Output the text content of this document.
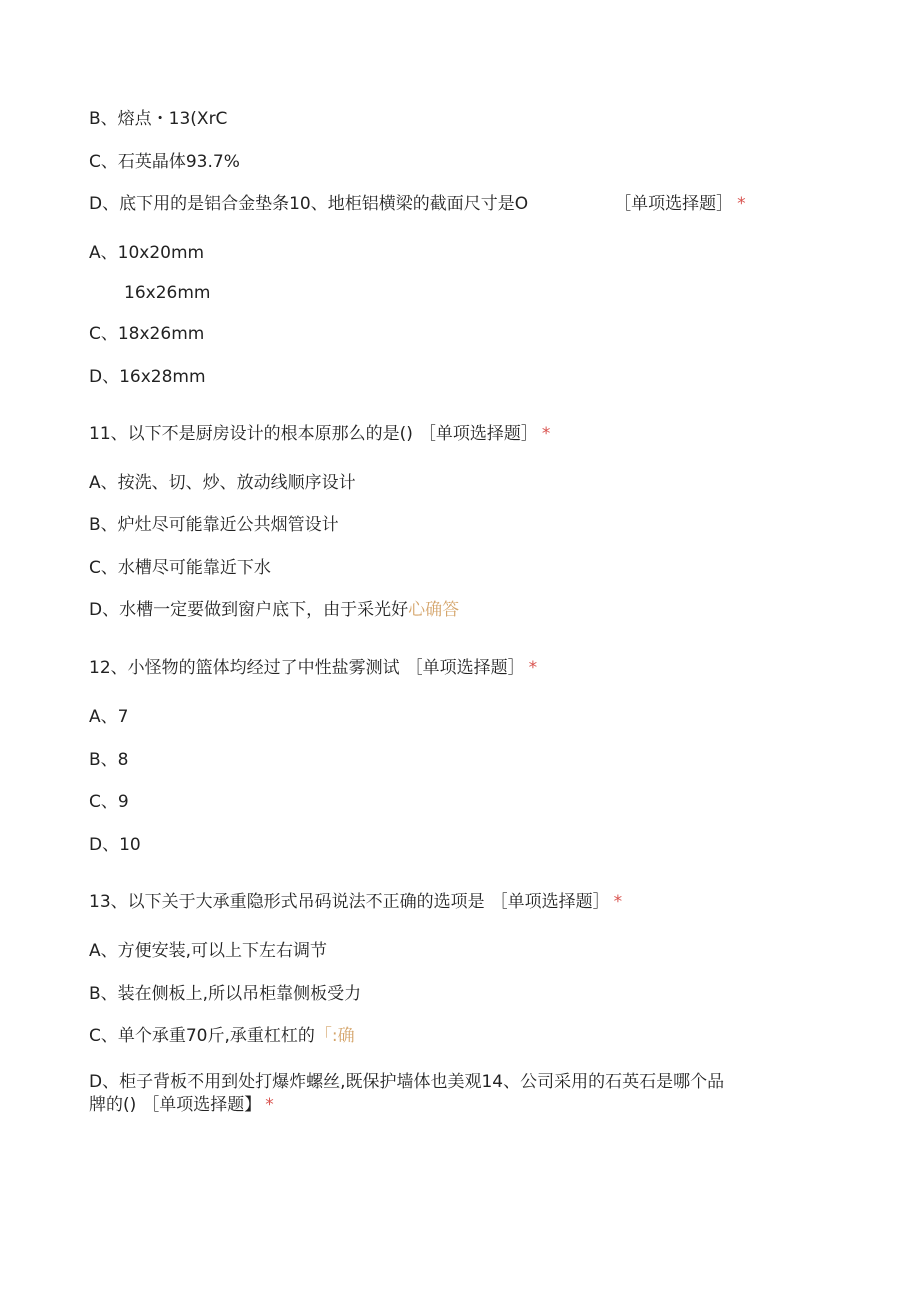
B、熔点・13(XrC
C、石英晶体93.7%
D、底下用的是铝合金垫条10、地柜铝横梁的截面尺寸是O	［单项选择题］ *
A、10x20mm
16x26mm
C、18x26mm
D、16x28mm
11、以下不是厨房设计的根本原那么的是() ［单项选择题］ *
A、按洗、切、炒、放动线顺序设计
B、炉灶尽可能靠近公共烟管设计
C、水槽尽可能靠近下水
D、水槽一定要做到窗户底下，由于采光好心确答
12、小怪物的篮体均经过了中性盐雾测试 ［单项选择题］ *
A、7
B、8
C、9
D、10
13、以下关于大承重隐形式吊码说法不正确的选项是 ［单项选择题］ *
A、方便安装,可以上下左右调节
B、装在侧板上,所以吊柜靠侧板受力
C、单个承重70斤,承重杠杠的「:确
D、柜子背板不用到处打爆炸螺丝,既保护墙体也美观14、公司采用的石英石是哪个品
牌的() ［单项选择题】 *
